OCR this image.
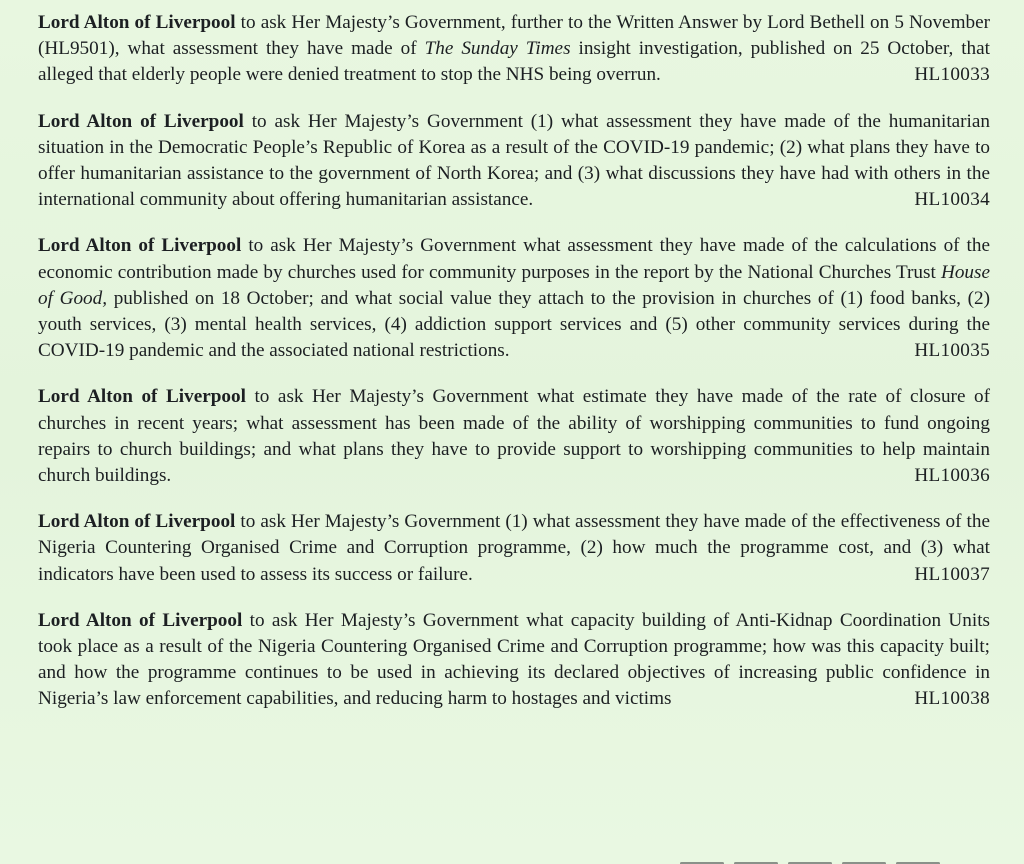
Lord Alton of Liverpool to ask Her Majesty’s Government, further to the Written Answer by Lord Bethell on 5 November (HL9501), what assessment they have made of The Sunday Times insight investigation, published on 25 October, that alleged that elderly people were denied treatment to stop the NHS being overrun.	HL10033

Lord Alton of Liverpool to ask Her Majesty’s Government (1) what assessment they have made of the humanitarian situation in the Democratic People’s Republic of Korea as a result of the COVID-19 pandemic; (2) what plans they have to offer humanitarian assistance to the government of North Korea; and (3) what discussions they have had with others in the international community about offering humanitarian assistance.	HL10034

Lord Alton of Liverpool to ask Her Majesty’s Government what assessment they have made of the calculations of the economic contribution made by churches used for community purposes in the report by the National Churches Trust House of Good, published on 18 October; and what social value they attach to the provision in churches of (1) food banks, (2) youth services, (3) mental health services, (4) addiction support services and (5) other community services during the COVID-19 pandemic and the associated national restrictions.	HL10035

Lord Alton of Liverpool to ask Her Majesty’s Government what estimate they have made of the rate of closure of churches in recent years; what assessment has been made of the ability of worshipping communities to fund ongoing repairs to church buildings; and what plans they have to provide support to worshipping communities to help maintain church buildings.	HL10036

Lord Alton of Liverpool to ask Her Majesty’s Government (1) what assessment they have made of the effectiveness of the Nigeria Countering Organised Crime and Corruption programme, (2) how much the programme cost, and (3) what indicators have been used to assess its success or failure.	HL10037

Lord Alton of Liverpool to ask Her Majesty’s Government what capacity building of Anti-Kidnap Coordination Units took place as a result of the Nigeria Countering Organised Crime and Corruption programme; how was this capacity built; and how the programme continues to be used in achieving its declared objectives of increasing public confidence in Nigeria’s law enforcement capabilities, and reducing harm to hostages and victims	HL10038
